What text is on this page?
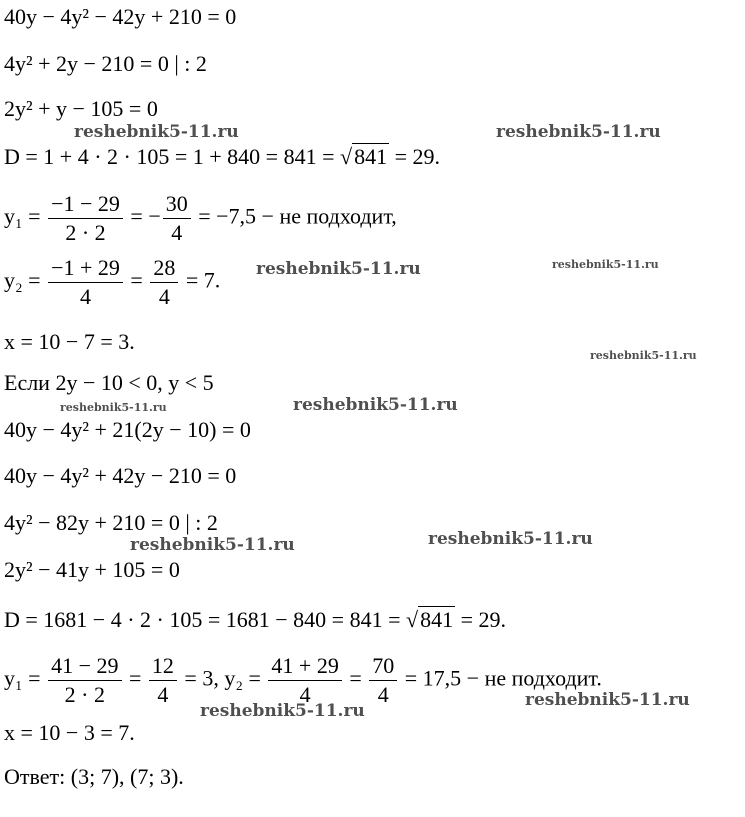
40y − 4y² − 42y + 210 = 0
4y² + 2y − 210 = 0 | : 2
2y² + y − 105 = 0
D = 1 + 4 · 2 · 105 = 1 + 840 = 841 = √841 = 29.
$y_1 = \frac{-1 - 29}{2 \cdot 2}$ = − $\frac{30}{4} = -7,5$ − не подходит,
$y_2 = \frac{-1 + 29}{4} = \frac{28}{4} = 7$.
x = 10 − 7 = 3.
Если 2y − 10 < 0, y < 5
40y − 4y² + 21(2y − 10) = 0
40y − 4y² + 42y − 210 = 0
4y² − 82y + 210 = 0 | : 2
2y² − 41y + 105 = 0
D = 1681 − 4 · 2 · 105 = 1681 − 840 = 841 = √841 = 29.
$y_1 = \frac{41 - 29}{2 \cdot 2} = \frac{12}{4} = 3$, $y_2 = \frac{41 + 29}{4} = \frac{70}{4} = 17,5$ − не подходит.
x = 10 − 3 = 7.
Ответ: (3; 7), (7; 3).
reshebnik5-11.ru	reshebnik5-11.ru
reshebnik5-11.ru	reshebnik5-11.ru
reshebnik5-11.ru
reshebnik5-11.ru	reshebnik5-11.ru
reshebnik5-11.ru	reshebnik5-11.ru
reshebnik5-11.ru
reshebnik5-11.ru
